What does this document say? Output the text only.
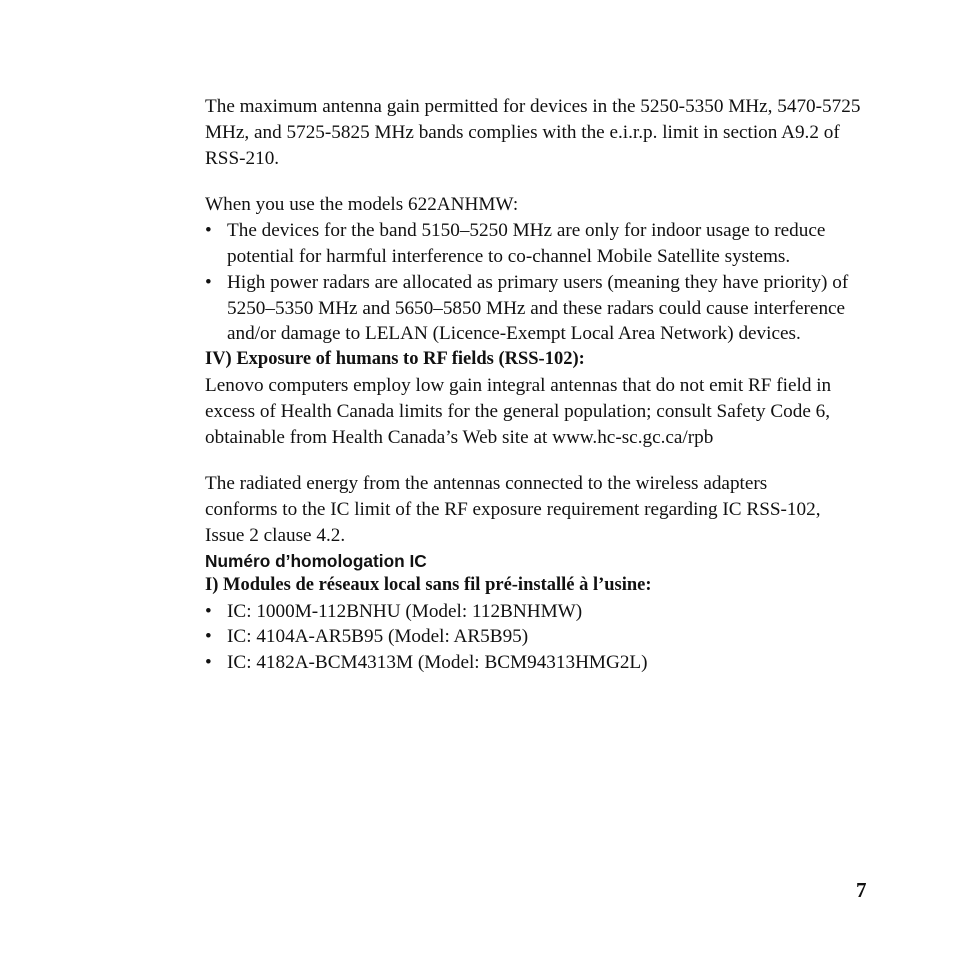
The maximum antenna gain permitted for devices in the 5250-5350 MHz, 5470-5725 MHz, and 5725-5825 MHz bands complies with the e.i.r.p. limit in section A9.2 of RSS-210.

When you use the models 622ANHMW:

• The devices for the band 5150–5250 MHz are only for indoor usage to reduce potential for harmful interference to co-channel Mobile Satellite systems.
• High power radars are allocated as primary users (meaning they have priority) of 5250–5350 MHz and 5650–5850 MHz and these radars could cause interference and/or damage to LELAN (Licence-Exempt Local Area Network) devices.

IV) Exposure of humans to RF fields (RSS-102):

Lenovo computers employ low gain integral antennas that do not emit RF field in excess of Health Canada limits for the general population; consult Safety Code 6, obtainable from Health Canada’s Web site at www.hc-sc.gc.ca/rpb

The radiated energy from the antennas connected to the wireless adapters conforms to the IC limit of the RF exposure requirement regarding IC RSS-102, Issue 2 clause 4.2.

Numéro d’homologation IC

I) Modules de réseaux local sans fil pré-installé à l’usine:

• IC: 1000M-112BNHU (Model: 112BNHMW)
• IC: 4104A-AR5B95 (Model: AR5B95)
• IC: 4182A-BCM4313M (Model: BCM94313HMG2L)
7
